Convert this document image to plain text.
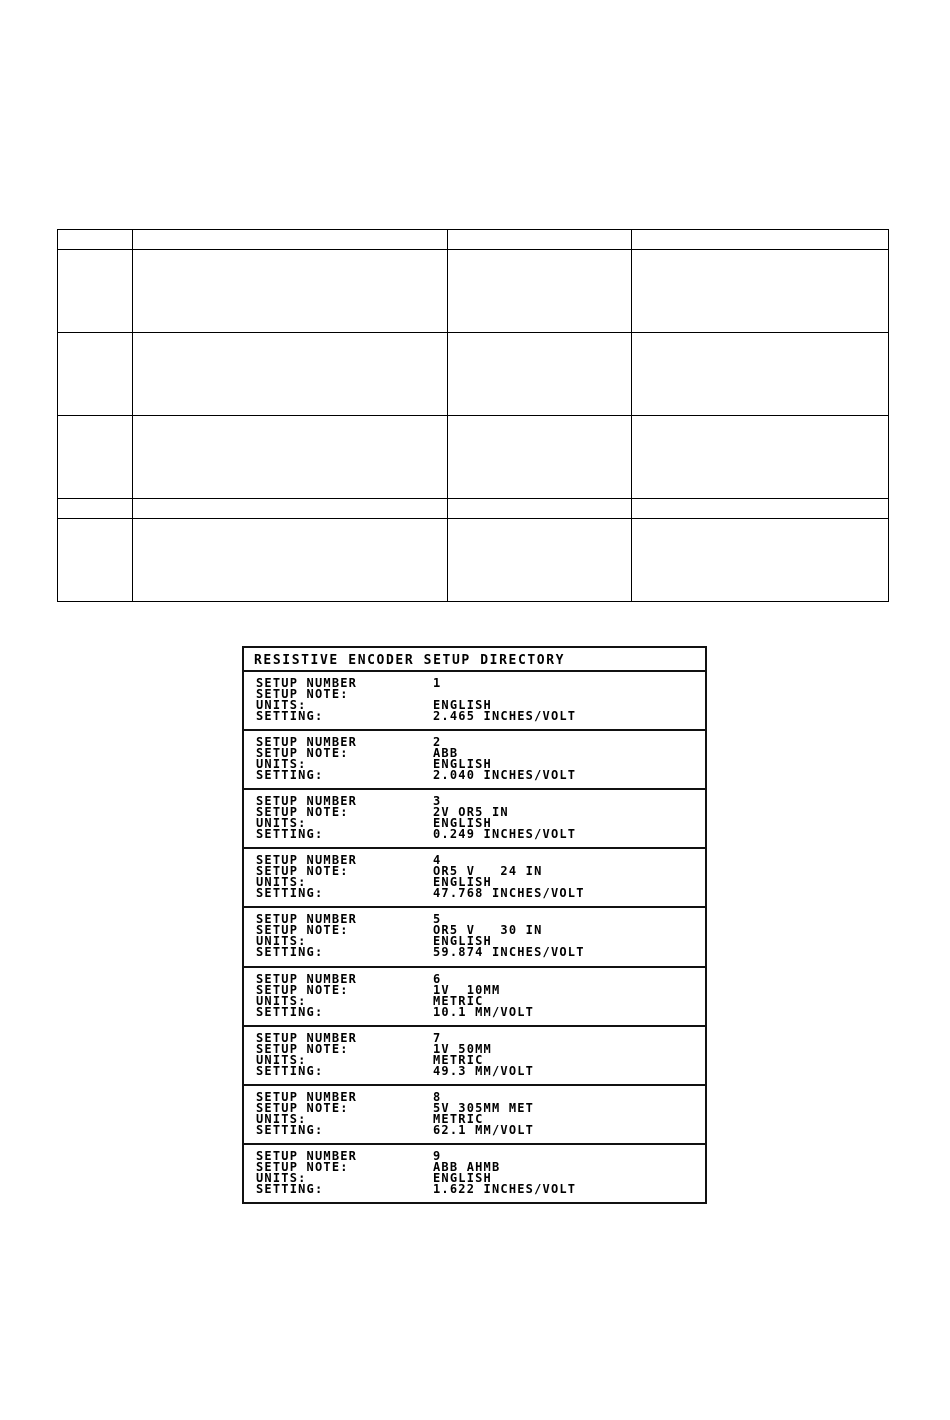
RESISTIVE ENCODER SETUP DIRECTORY
SETUP NUMBER	1
SETUP NOTE:
UNITS:	ENGLISH
SETTING:	2.465 INCHES/VOLT
SETUP NUMBER	2
SETUP NOTE:	ABB
UNITS:	ENGLISH
SETTING:	2.040 INCHES/VOLT
SETUP NUMBER	3
SETUP NOTE:	2V OR5 IN
UNITS:	ENGLISH
SETTING:	0.249 INCHES/VOLT
SETUP NUMBER	4
SETUP NOTE:	OR5 V   24 IN
UNITS:	ENGLISH
SETTING:	47.768 INCHES/VOLT
SETUP NUMBER	5
SETUP NOTE:	OR5 V   30 IN
UNITS:	ENGLISH
SETTING:	59.874 INCHES/VOLT
SETUP NUMBER	6
SETUP NOTE:	1V  10MM
UNITS:	METRIC
SETTING:	10.1 MM/VOLT
SETUP NUMBER	7
SETUP NOTE:	1V 50MM
UNITS:	METRIC
SETTING:	49.3 MM/VOLT
SETUP NUMBER	8
SETUP NOTE:	5V 305MM MET
UNITS:	METRIC
SETTING:	62.1 MM/VOLT
SETUP NUMBER	9
SETUP NOTE:	ABB AHMB
UNITS:	ENGLISH
SETTING:	1.622 INCHES/VOLT
